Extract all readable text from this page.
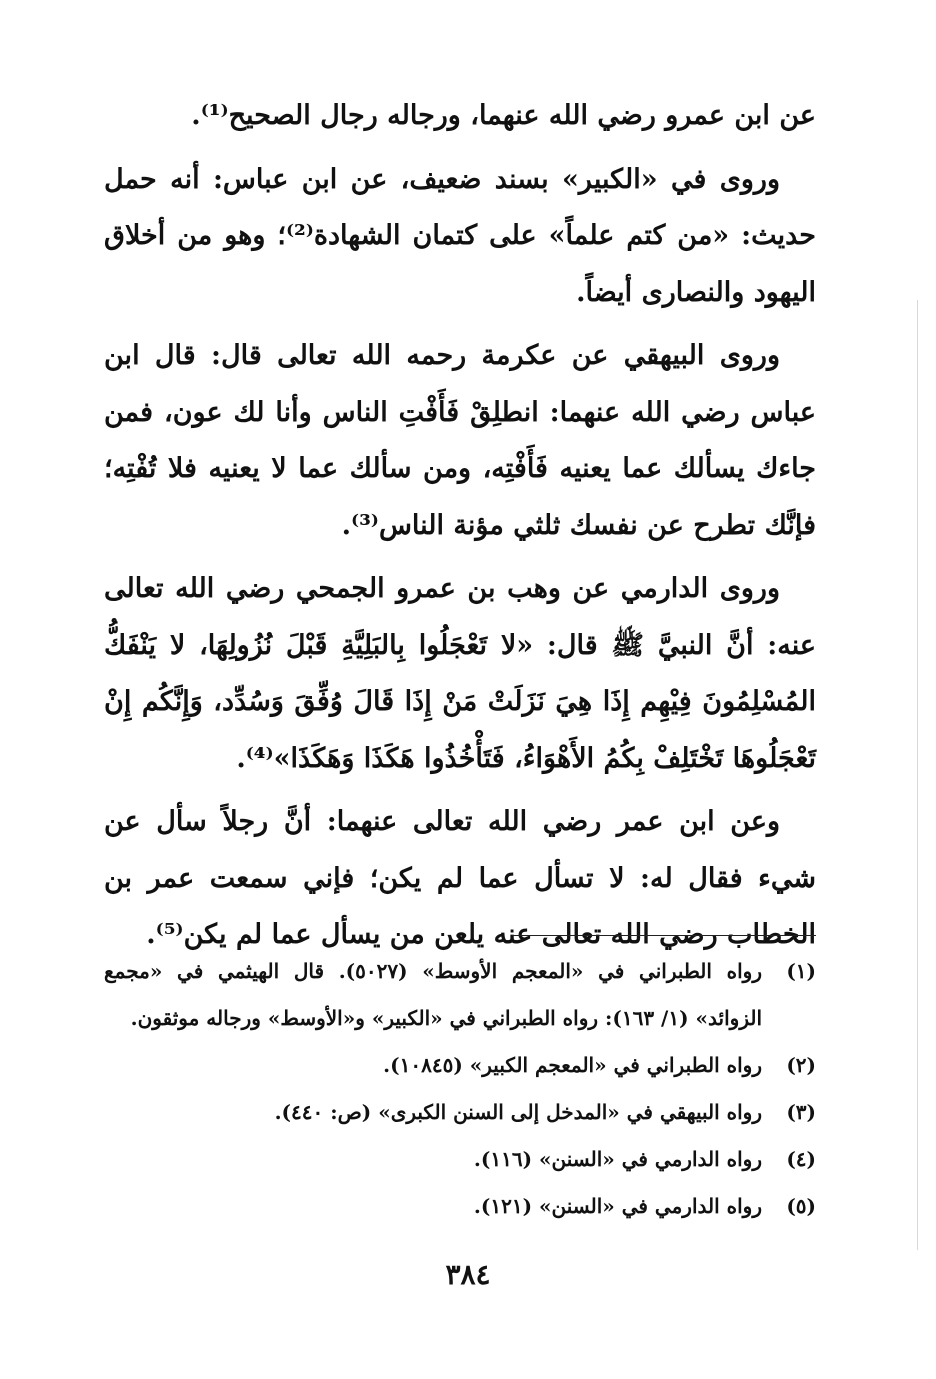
عن ابن عمرو رضي الله عنهما، ورجاله رجال الصحيح⁽¹⁾.

وروى في «الكبير» بسند ضعيف، عن ابن عباس: أنه حمل حديث: «من كتم علماً» على كتمان الشهادة⁽²⁾؛ وهو من أخلاق اليهود والنصارى أيضاً.

وروى البيهقي عن عكرمة رحمه الله تعالى قال: قال ابن عباس رضي الله عنهما: انطلِقْ فَأَفْتِ الناس وأنا لك عون، فمن جاءك يسألك عما يعنيه فَأَفْتِه، ومن سألك عما لا يعنيه فلا تُفْتِه؛ فإنَّك تطرح عن نفسك ثلثي مؤنة الناس⁽³⁾.

وروى الدارمي عن وهب بن عمرو الجمحي رضي الله تعالى عنه: أنَّ النبيَّ ﷺ قال: «لا تَعْجَلُوا بِالبَلِيَّةِ قَبْلَ نُزُولِهَا، لا يَنْفَكُّ المُسْلِمُونَ فِيْهِم إِذَا هِيَ نَزَلَتْ مَنْ إِذَا قَالَ وُفِّقَ وَسُدِّد، وَإِنَّكُم إِنْ تَعْجَلُوهَا تَخْتَلِفْ بِكُمُ الأَهْوَاءُ، فَتَأْخُذُوا هَكَذَا وَهَكَذَا»⁽⁴⁾.

وعن ابن عمر رضي الله تعالى عنهما: أنَّ رجلاً سأل عن شيء فقال له: لا تسأل عما لم يكن؛ فإني سمعت عمر بن الخطاب رضي الله تعالى عنه يلعن من يسأل عما لم يكن⁽⁵⁾.

(١)
رواه الطبراني في «المعجم الأوسط» (٥٠٢٧). قال الهيثمي في «مجمع الزوائد» (١/ ١٦٣): رواه الطبراني في «الكبير» و«الأوسط» ورجاله موثقون.
(٢)
رواه الطبراني في «المعجم الكبير» (١٠٨٤٥).
(٣)
رواه البيهقي في «المدخل إلى السنن الكبرى» (ص: ٤٤٠).
(٤)
رواه الدارمي في «السنن» (١١٦).
(٥)
رواه الدارمي في «السنن» (١٢١).
٣٨٤
